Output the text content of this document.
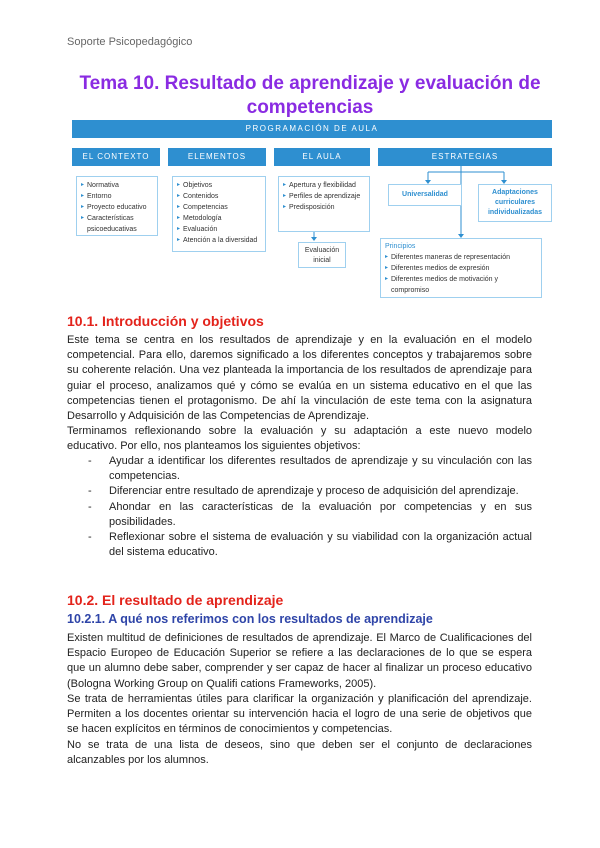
Soporte Psicopedagógico
Tema 10. Resultado de aprendizaje y evaluación de competencias
PROGRAMACIÓN DE AULA
EL CONTEXTO	ELEMENTOS	EL AULA	ESTRATEGIAS
▸ Normativa
▸ Entorno
▸ Proyecto educativo
▸ Características psicoeducativas
▸ Objetivos
▸ Contenidos
▸ Competencias
▸ Metodología
▸ Evaluación
▸ Atención a la diversidad
▸ Apertura y flexibilidad
▸ Perfiles de aprendizaje
▸ Predisposición
Evaluación inicial
Universalidad	Adaptaciones curriculares individualizadas
Principios
▸ Diferentes maneras de representación
▸ Diferentes medios de expresión
▸ Diferentes medios de motivación y compromiso
10.1. Introducción y objetivos

Este tema se centra en los resultados de aprendizaje y en la evaluación en el modelo competencial. Para ello, daremos significado a los diferentes conceptos y trabajaremos sobre su coherente relación. Una vez planteada la importancia de los resultados de aprendizaje para guiar el proceso, analizamos qué y cómo se evalúa en un sistema educativo en el que las competencias tienen el protagonismo. De ahí la vinculación de este tema con la asignatura Desarrollo y Adquisición de las Competencias de Aprendizaje.

Terminamos reflexionando sobre la evaluación y su adaptación a este nuevo modelo educativo. Por ello, nos planteamos los siguientes objetivos:

- Ayudar a identificar los diferentes resultados de aprendizaje y su vinculación con las competencias.
- Diferenciar entre resultado de aprendizaje y proceso de adquisición del aprendizaje.
- Ahondar en las características de la evaluación por competencias y en sus posibilidades.
- Reflexionar sobre el sistema de evaluación y su viabilidad con la organización actual del sistema educativo.
10.2. El resultado de aprendizaje
10.2.1. A qué nos referimos con los resultados de aprendizaje

Existen multitud de definiciones de resultados de aprendizaje. El Marco de Cualificaciones del Espacio Europeo de Educación Superior se refiere a las declaraciones de lo que se espera que un alumno debe saber, comprender y ser capaz de hacer al finalizar un proceso educativo (Bologna Working Group on Qualifi cations Frameworks, 2005).

Se trata de herramientas útiles para clarificar la organización y planificación del aprendizaje. Permiten a los docentes orientar su intervención hacia el logro de una serie de objetivos que se hacen explícitos en términos de conocimientos y competencias.

No se trata de una lista de deseos, sino que deben ser el conjunto de declaraciones alcanzables por los alumnos.
